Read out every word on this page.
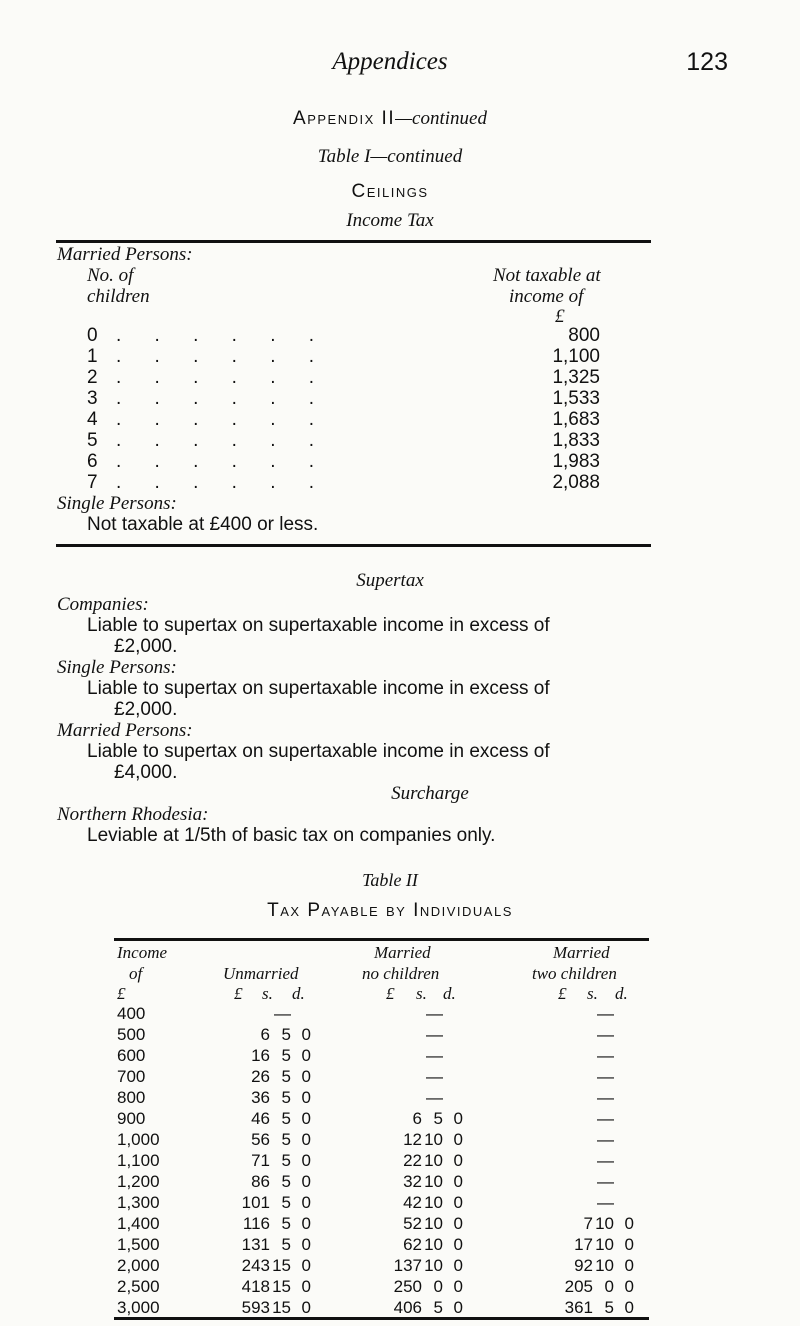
Appendices	123
Appendix II—continued
Table I—continued
Ceilings
Income Tax
Married Persons:
No. of
children
Not taxable at
income of
£
0 . . . . . .	800
1 . . . . . .	1,100
2 . . . . . .	1,325
3 . . . . . .	1,533
4 . . . . . .	1,683
5 . . . . . .	1,833
6 . . . . . .	1,983
7 . . . . . .	2,088
Single Persons:
Not taxable at £400 or less.
Supertax
Companies:
Liable to supertax on supertaxable income in excess of
£2,000.
Single Persons:
Liable to supertax on supertaxable income in excess of
£2,000.
Married Persons:
Liable to supertax on supertaxable income in excess of
£4,000.
Surcharge
Northern Rhodesia:
Leviable at 1/5th of basic tax on companies only.
Table II
Tax Payable by Individuals
Income
of	Unmarried
Married
no children
Married
two children
£	£ s. d.	£ s. d.	£ s. d.
400	—	—	—
500	6 5 0	—	—
600	16 5 0	—	—
700	26 5 0	—	—
800	36 5 0	—	—
900	46 5 0	6 5 0	—
1,000	56 5 0	12 10 0	—
1,100	71 5 0	22 10 0	—
1,200	86 5 0	32 10 0	—
1,300	101 5 0	42 10 0	—
1,400	116 5 0	52 10 0	7 10 0
1,500	131 5 0	62 10 0	17 10 0
2,000	243 15 0	137 10 0	92 10 0
2,500	418 15 0	250 0 0	205 0 0
3,000	593 15 0	406 5 0	361 5 0
